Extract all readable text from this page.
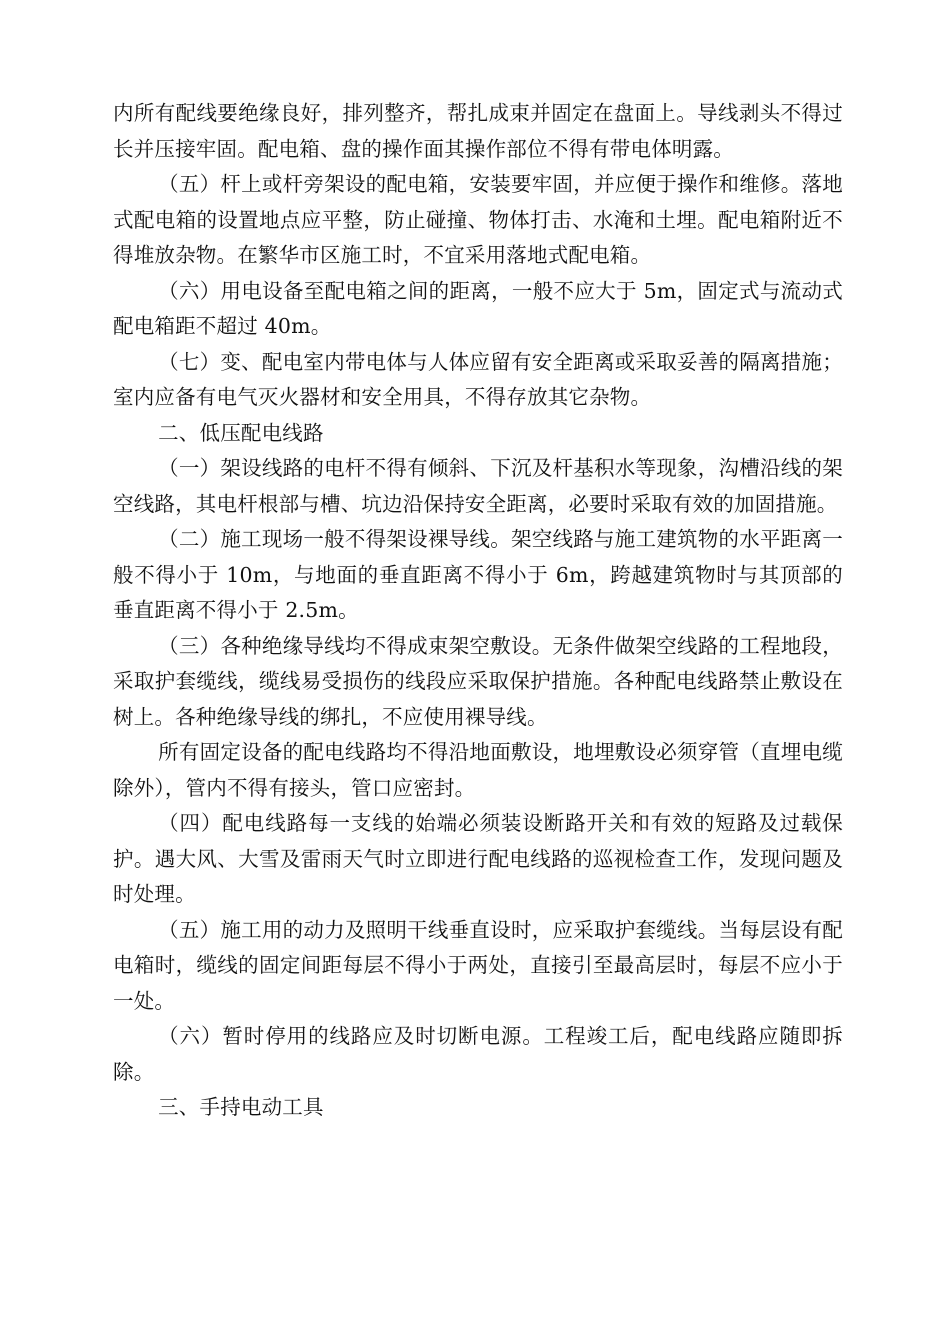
内所有配线要绝缘良好，排列整齐，帮扎成束并固定在盘面上。导线剥头不得过长并压接牢固。配电箱、盘的操作面其操作部位不得有带电体明露。

（五）杆上或杆旁架设的配电箱，安装要牢固，并应便于操作和维修。落地式配电箱的设置地点应平整，防止碰撞、物体打击、水淹和土埋。配电箱附近不得堆放杂物。在繁华市区施工时，不宜采用落地式配电箱。

（六）用电设备至配电箱之间的距离，一般不应大于 5m，固定式与流动式配电箱距不超过 40m。

（七）变、配电室内带电体与人体应留有安全距离或采取妥善的隔离措施；室内应备有电气灭火器材和安全用具，不得存放其它杂物。

二、低压配电线路

（一）架设线路的电杆不得有倾斜、下沉及杆基积水等现象，沟槽沿线的架空线路，其电杆根部与槽、坑边沿保持安全距离，必要时采取有效的加固措施。

（二）施工现场一般不得架设裸导线。架空线路与施工建筑物的水平距离一般不得小于 10m，与地面的垂直距离不得小于 6m，跨越建筑物时与其顶部的垂直距离不得小于 2.5m。

（三）各种绝缘导线均不得成束架空敷设。无条件做架空线路的工程地段，采取护套缆线，缆线易受损伤的线段应采取保护措施。各种配电线路禁止敷设在树上。各种绝缘导线的绑扎，不应使用裸导线。

所有固定设备的配电线路均不得沿地面敷设，地埋敷设必须穿管（直埋电缆除外），管内不得有接头，管口应密封。

（四）配电线路每一支线的始端必须装设断路开关和有效的短路及过载保护。遇大风、大雪及雷雨天气时立即进行配电线路的巡视检查工作，发现问题及时处理。

（五）施工用的动力及照明干线垂直设时，应采取护套缆线。当每层设有配电箱时，缆线的固定间距每层不得小于两处，直接引至最高层时，每层不应小于一处。

（六）暂时停用的线路应及时切断电源。工程竣工后，配电线路应随即拆除。

三、手持电动工具
